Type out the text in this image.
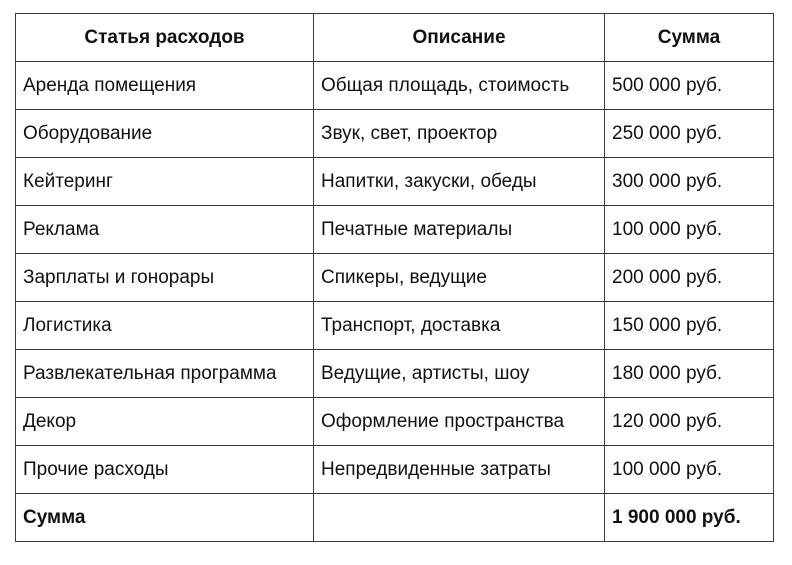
Статья расходов	Описание	Сумма
Аренда помещения	Общая площадь, стоимость	500 000 руб.
Оборудование	Звук, свет, проектор	250 000 руб.
Кейтеринг	Напитки, закуски, обеды	300 000 руб.
Реклама	Печатные материалы	100 000 руб.
Зарплаты и гонорары	Спикеры, ведущие	200 000 руб.
Логистика	Транспорт, доставка	150 000 руб.
Развлекательная программа	Ведущие, артисты, шоу	180 000 руб.
Декор	Оформление пространства	120 000 руб.
Прочие расходы	Непредвиденные затраты	100 000 руб.
Сумма		1 900 000 руб.
